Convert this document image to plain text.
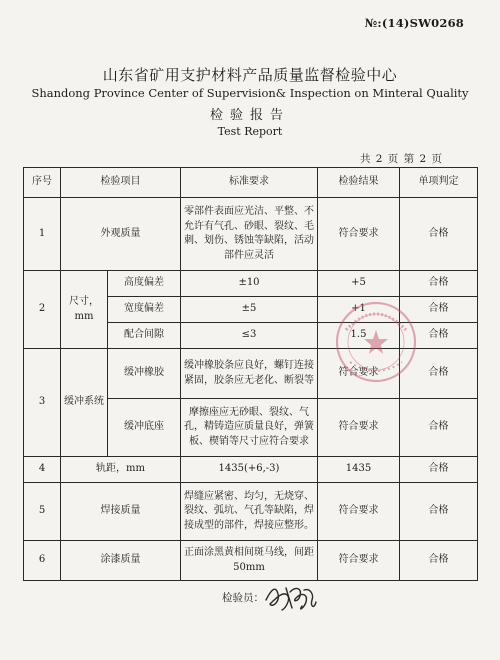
№:(14)SW0268
山东省矿用支护材料产品质量监督检验中心
Shandong Province Center of Supervision& Inspection on Minteral Quality
检验报告
Test Report
共 2 页 第 2 页
序号	检验项目		标准要求	检验结果	单项判定
1	外观质量		零部件表面应光洁、平整、不允许有气孔、砂眼、裂纹、毛刺、划伤、锈蚀等缺陷，活动部件应灵活	符合要求	合格
2	尺寸，mm	高度偏差	±10	+5	合格
		宽度偏差	±5	+1	合格
		配合间隙	≤3	1.5	合格
3	缓冲系统	缓冲橡胶	缓冲橡胶条应良好，螺钉连接紧固，胶条应无老化、断裂等	符合要求	合格
		缓冲底座	摩擦座应无砂眼、裂纹、气孔，精铸造应质量良好，弹簧板、楔销等尺寸应符合要求	符合要求	合格
4	轨距，mm		1435(+6,-3)	1435	合格
5	焊接质量		焊缝应紧密、均匀，无烧穿、裂纹、弧坑、气孔等缺陷，焊接成型的部件，焊接应整形。	符合要求	合格
6	涂漆质量		正面涂黑黄相间斑马线，间距50mm	符合要求	合格
检验员：
